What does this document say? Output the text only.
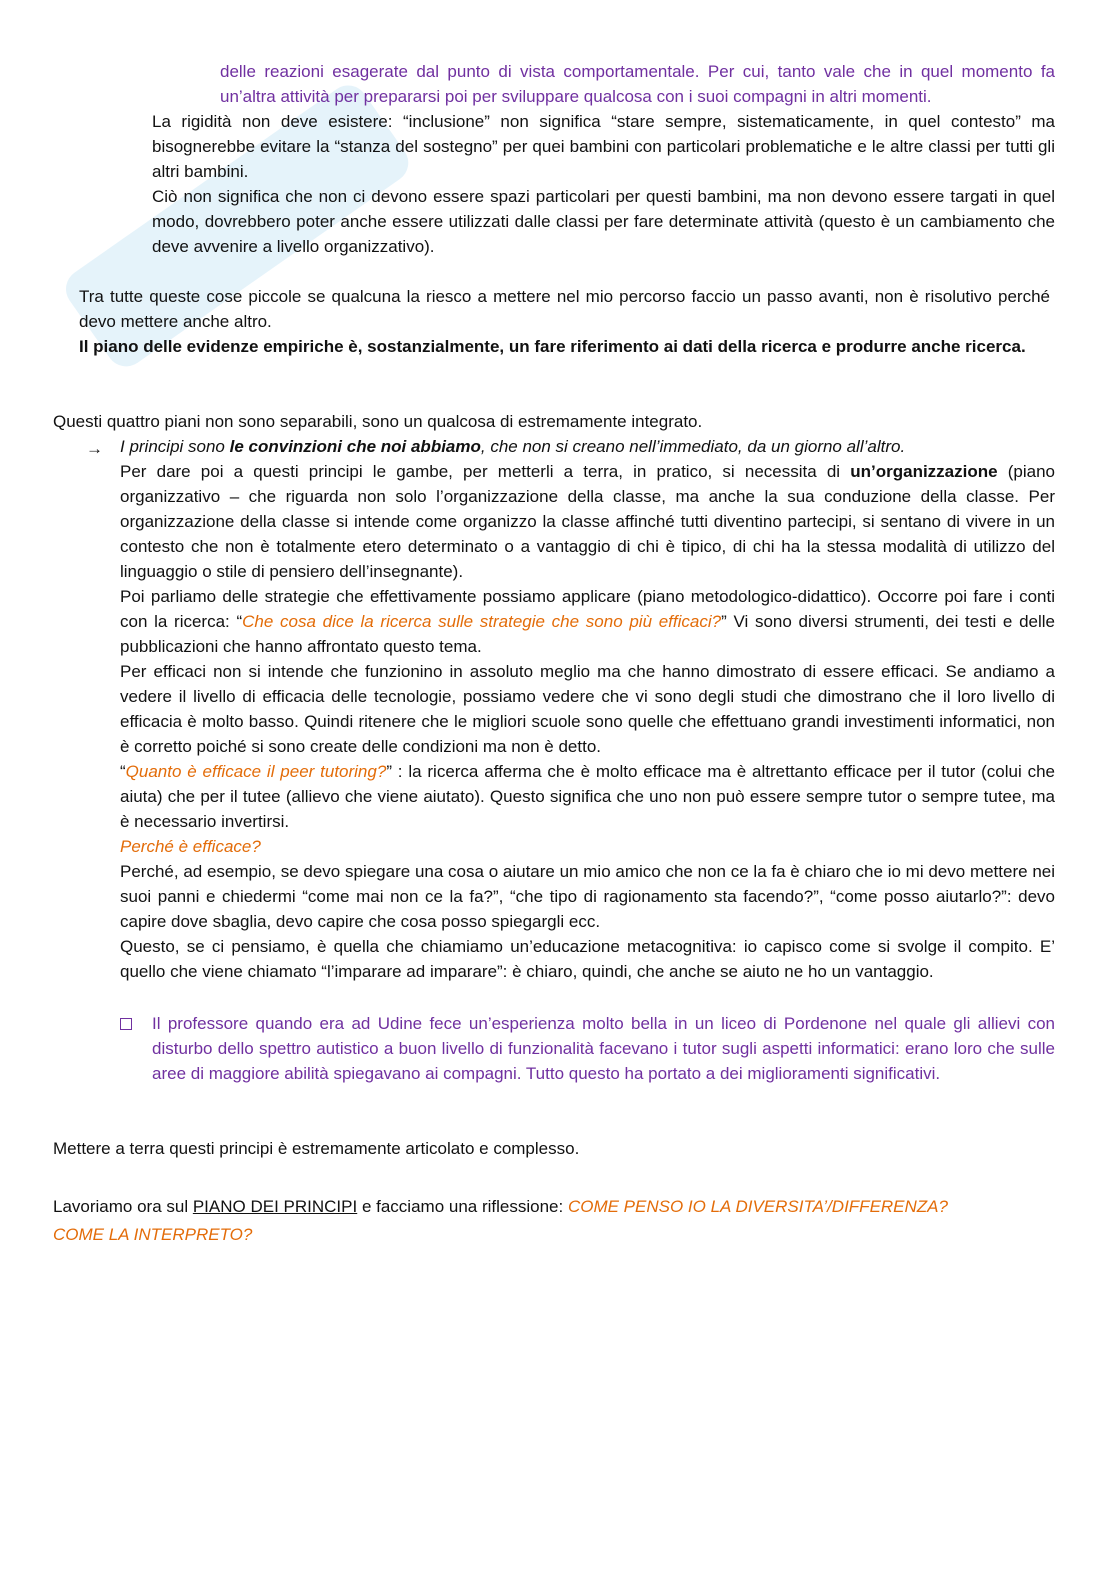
delle reazioni esagerate dal punto di vista comportamentale. Per cui, tanto vale che in quel momento fa un’altra attività per prepararsi poi per sviluppare qualcosa con i suoi compagni in altri momenti.

La rigidità non deve esistere: “inclusione” non significa “stare sempre, sistematicamente, in quel contesto” ma bisognerebbe evitare la “stanza del sostegno” per quei bambini con particolari problematiche e le altre classi per tutti gli altri bambini.

Ciò non significa che non ci devono essere spazi particolari per questi bambini, ma non devono essere targati in quel modo, dovrebbero poter anche essere utilizzati dalle classi per fare determinate attività (questo è un cambiamento che deve avvenire a livello organizzativo).

Tra tutte queste cose piccole se qualcuna la riesco a mettere nel mio percorso faccio un passo avanti, non è risolutivo perché devo mettere anche altro.

Il piano delle evidenze empiriche è, sostanzialmente, un fare riferimento ai dati della ricerca e produrre anche ricerca.

Questi quattro piani non sono separabili, sono un qualcosa di estremamente integrato.

→ I principi sono le convinzioni che noi abbiamo, che non si creano nell’immediato, da un giorno all’altro.

Per dare poi a questi principi le gambe, per metterli a terra, in pratico, si necessita di un’organizzazione (piano organizzativo – che riguarda non solo l’organizzazione della classe, ma anche la sua conduzione della classe. Per organizzazione della classe si intende come organizzo la classe affinché tutti diventino partecipi, si sentano di vivere in un contesto che non è totalmente etero determinato o a vantaggio di chi è tipico, di chi ha la stessa modalità di utilizzo del linguaggio o stile di pensiero dell’insegnante).

Poi parliamo delle strategie che effettivamente possiamo applicare (piano metodologico-didattico). Occorre poi fare i conti con la ricerca: “Che cosa dice la ricerca sulle strategie che sono più efficaci?” Vi sono diversi strumenti, dei testi e delle pubblicazioni che hanno affrontato questo tema.

Per efficaci non si intende che funzionino in assoluto meglio ma che hanno dimostrato di essere efficaci. Se andiamo a vedere il livello di efficacia delle tecnologie, possiamo vedere che vi sono degli studi che dimostrano che il loro livello di efficacia è molto basso. Quindi ritenere che le migliori scuole sono quelle che effettuano grandi investimenti informatici, non è corretto poiché si sono create delle condizioni ma non è detto.

“Quanto è efficace il peer tutoring?” : la ricerca afferma che è molto efficace ma è altrettanto efficace per il tutor (colui che aiuta) che per il tutee (allievo che viene aiutato). Questo significa che uno non può essere sempre tutor o sempre tutee, ma è necessario invertirsi.

Perché è efficace?

Perché, ad esempio, se devo spiegare una cosa o aiutare un mio amico che non ce la fa è chiaro che io mi devo mettere nei suoi panni e chiedermi “come mai non ce la fa?”, “che tipo di ragionamento sta facendo?”, “come posso aiutarlo?”: devo capire dove sbaglia, devo capire che cosa posso spiegargli ecc.

Questo, se ci pensiamo, è quella che chiamiamo un’educazione metacognitiva: io capisco come si svolge il compito. E’ quello che viene chiamato “l’imparare ad imparare”: è chiaro, quindi, che anche se aiuto ne ho un vantaggio.

Il professore quando era ad Udine fece un’esperienza molto bella in un liceo di Pordenone nel quale gli allievi con disturbo dello spettro autistico a buon livello di funzionalità facevano i tutor sugli aspetti informatici: erano loro che sulle aree di maggiore abilità spiegavano ai compagni. Tutto questo ha portato a dei miglioramenti significativi.

Mettere a terra questi principi è estremamente articolato e complesso.

Lavoriamo ora sul PIANO DEI PRINCIPI e facciamo una riflessione: COME PENSO IO LA DIVERSITA’/DIFFERENZA? COME LA INTERPRETO?
